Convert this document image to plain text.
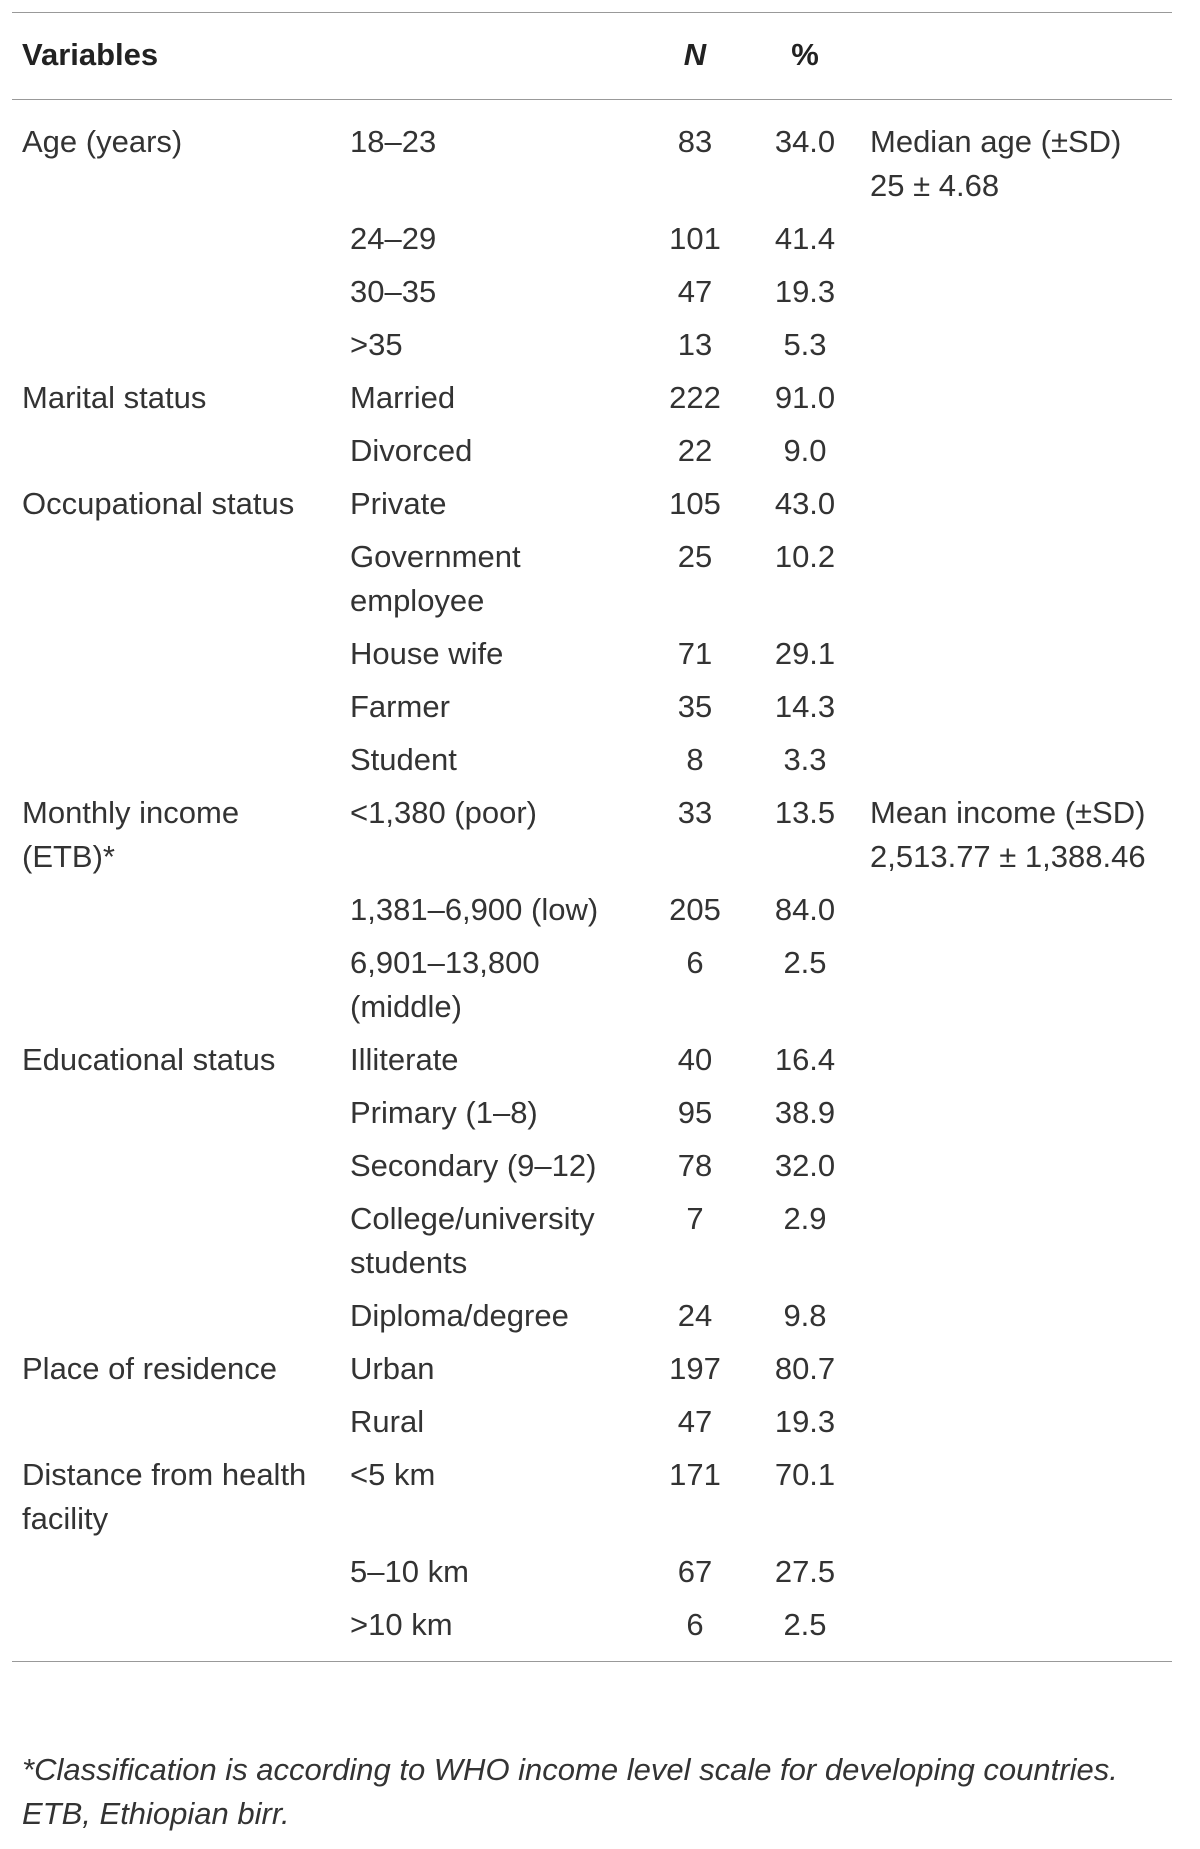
Variables		N	%	
Age (years)	18–23	83	34.0	Median age (±SD) 25 ± 4.68
	24–29	101	41.4	
	30–35	47	19.3	
	>35	13	5.3	
Marital status	Married	222	91.0	
	Divorced	22	9.0	
Occupational status	Private	105	43.0	
	Government employee	25	10.2	
	House wife	71	29.1	
	Farmer	35	14.3	
	Student	8	3.3	
Monthly income (ETB)*	<1,380 (poor)	33	13.5	Mean income (±SD) 2,513.77 ± 1,388.46
	1,381–6,900 (low)	205	84.0	
	6,901–13,800 (middle)	6	2.5	
Educational status	Illiterate	40	16.4	
	Primary (1–8)	95	38.9	
	Secondary (9–12)	78	32.0	
	College/university students	7	2.9	
	Diploma/degree	24	9.8	
Place of residence	Urban	197	80.7	
	Rural	47	19.3	
Distance from health facility	<5 km	171	70.1	
	5–10 km	67	27.5	
	>10 km	6	2.5	
*Classification is according to WHO income level scale for developing countries. ETB, Ethiopian birr.
